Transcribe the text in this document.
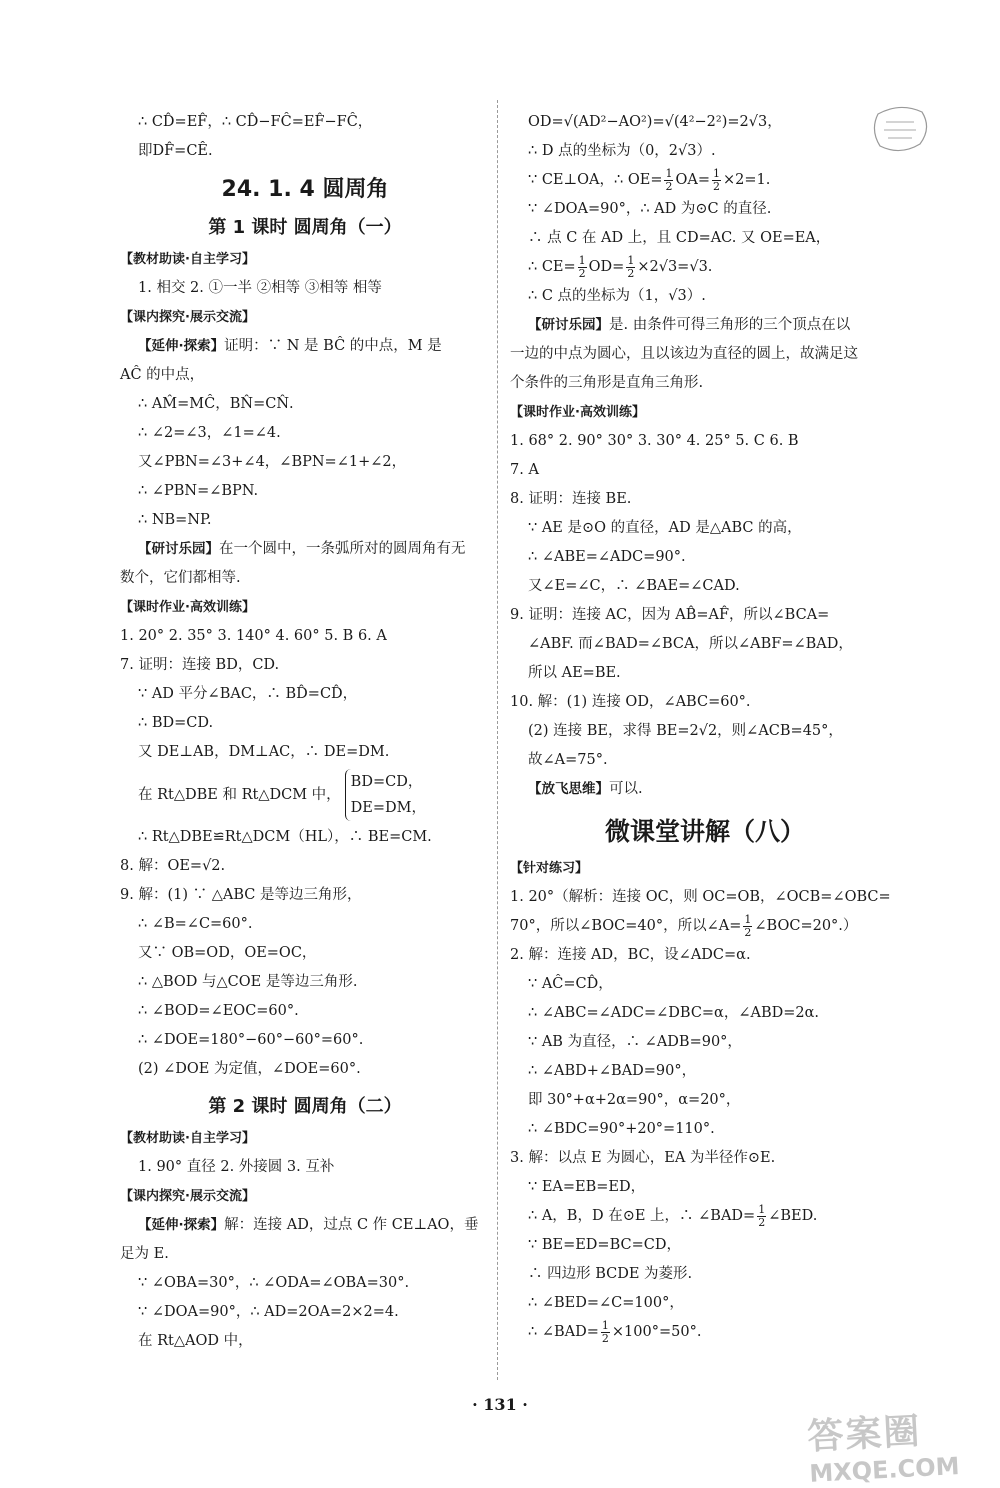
∴ CD̂=EF̂，∴ CD̂−FĈ=EF̂−FĈ，
即DF̂=CÊ.
24. 1. 4 圆周角
第 1 课时 圆周角（一）
【教材助读·自主学习】
1. 相交 2. ①一半 ②相等 ③相等 相等
【课内探究·展示交流】
【延伸·探索】证明：∵ N 是 BĈ 的中点，M 是
AĈ 的中点，
∴ AM̂=MĈ，BN̂=CN̂.
∴ ∠2=∠3，∠1=∠4.
又∠PBN=∠3+∠4，∠BPN=∠1+∠2，
∴ ∠PBN=∠BPN.
∴ NB=NP.
【研讨乐园】在一个圆中，一条弧所对的圆周角有无
数个，它们都相等.
【课时作业·高效训练】
1. 20° 2. 35° 3. 140° 4. 60° 5. B 6. A
7. 证明：连接 BD，CD.
∵ AD 平分∠BAC，∴ BD̂=CD̂，
∴ BD=CD.
又 DE⊥AB，DM⊥AC，∴ DE=DM.
在 Rt△DBE 和 Rt△DCM 中，
BD=CD，
DE=DM，
∴ Rt△DBE≌Rt△DCM（HL），∴ BE=CM.
8. 解：OE=√2.
9. 解：(1) ∵ △ABC 是等边三角形，
∴ ∠B=∠C=60°.
又∵ OB=OD，OE=OC，
∴ △BOD 与△COE 是等边三角形.
∴ ∠BOD=∠EOC=60°.
∴ ∠DOE=180°−60°−60°=60°.
(2) ∠DOE 为定值，∠DOE=60°.
第 2 课时 圆周角（二）
【教材助读·自主学习】
1. 90° 直径 2. 外接圆 3. 互补
【课内探究·展示交流】
【延伸·探索】解：连接 AD，过点 C 作 CE⊥AO，垂
足为 E.
∵ ∠OBA=30°，∴ ∠ODA=∠OBA=30°.
∵ ∠DOA=90°，∴ AD=2OA=2×2=4.
在 Rt△AOD 中，
OD=√(AD²−AO²)=√(4²−2²)=2√3，
∴ D 点的坐标为（0，2√3）.
∵ CE⊥OA，∴ $OE= \frac{1}{2} OA= \frac{1}{2} \times 2=1$.
∵ ∠DOA=90°，∴ AD 为⊙C 的直径.
∴ 点 C 在 AD 上，且 CD=AC. 又 OE=EA，
∴ $CE= \frac{1}{2} OD= \frac{1}{2} \times 2√3=√3$.
∴ C 点的坐标为（1，√3）.
【研讨乐园】是. 由条件可得三角形的三个顶点在以
一边的中点为圆心，且以该边为直径的圆上，故满足这
个条件的三角形是直角三角形.
【课时作业·高效训练】
1. 68° 2. 90° 30° 3. 30° 4. 25° 5. C 6. B
7. A
8. 证明：连接 BE.
∵ AE 是⊙O 的直径，AD 是△ABC 的高，
∴ ∠ABE=∠ADC=90°.
又∠E=∠C，∴ ∠BAE=∠CAD.
9. 证明：连接 AC，因为 AB̂=AF̂，所以∠BCA=
∠ABF. 而∠BAD=∠BCA，所以∠ABF=∠BAD，
所以 AE=BE.
10. 解：(1) 连接 OD，∠ABC=60°.
(2) 连接 BE，求得 BE=2√2，则∠ACB=45°，
故∠A=75°.
【放飞思维】可以.
微课堂讲解（八）
【针对练习】
1. 20°（解析：连接 OC，则 OC=OB，∠OCB=∠OBC=
70°，所以∠BOC=40°，所以∠A= $\frac{1}{2}$ ∠BOC=20°.）
2. 解：连接 AD，BC，设∠ADC=α.
∵ AĈ=CD̂，
∴ ∠ABC=∠ADC=∠DBC=α，∠ABD=2α.
∵ AB 为直径，∴ ∠ADB=90°，
∴ ∠ABD+∠BAD=90°，
即 30°+α+2α=90°，α=20°，
∴ ∠BDC=90°+20°=110°.
3. 解：以点 E 为圆心，EA 为半径作⊙E.
∵ EA=EB=ED，
∴ A，B，D 在⊙E 上，∴ ∠BAD= $\frac{1}{2}$ ∠BED.
∵ BE=ED=BC=CD，
∴ 四边形 BCDE 为菱形.
∴ ∠BED=∠C=100°，
∴ ∠BAD= $\frac{1}{2} \times 100^\circ=50^\circ$.
· 131 ·
答案圈
MXQE.COM
